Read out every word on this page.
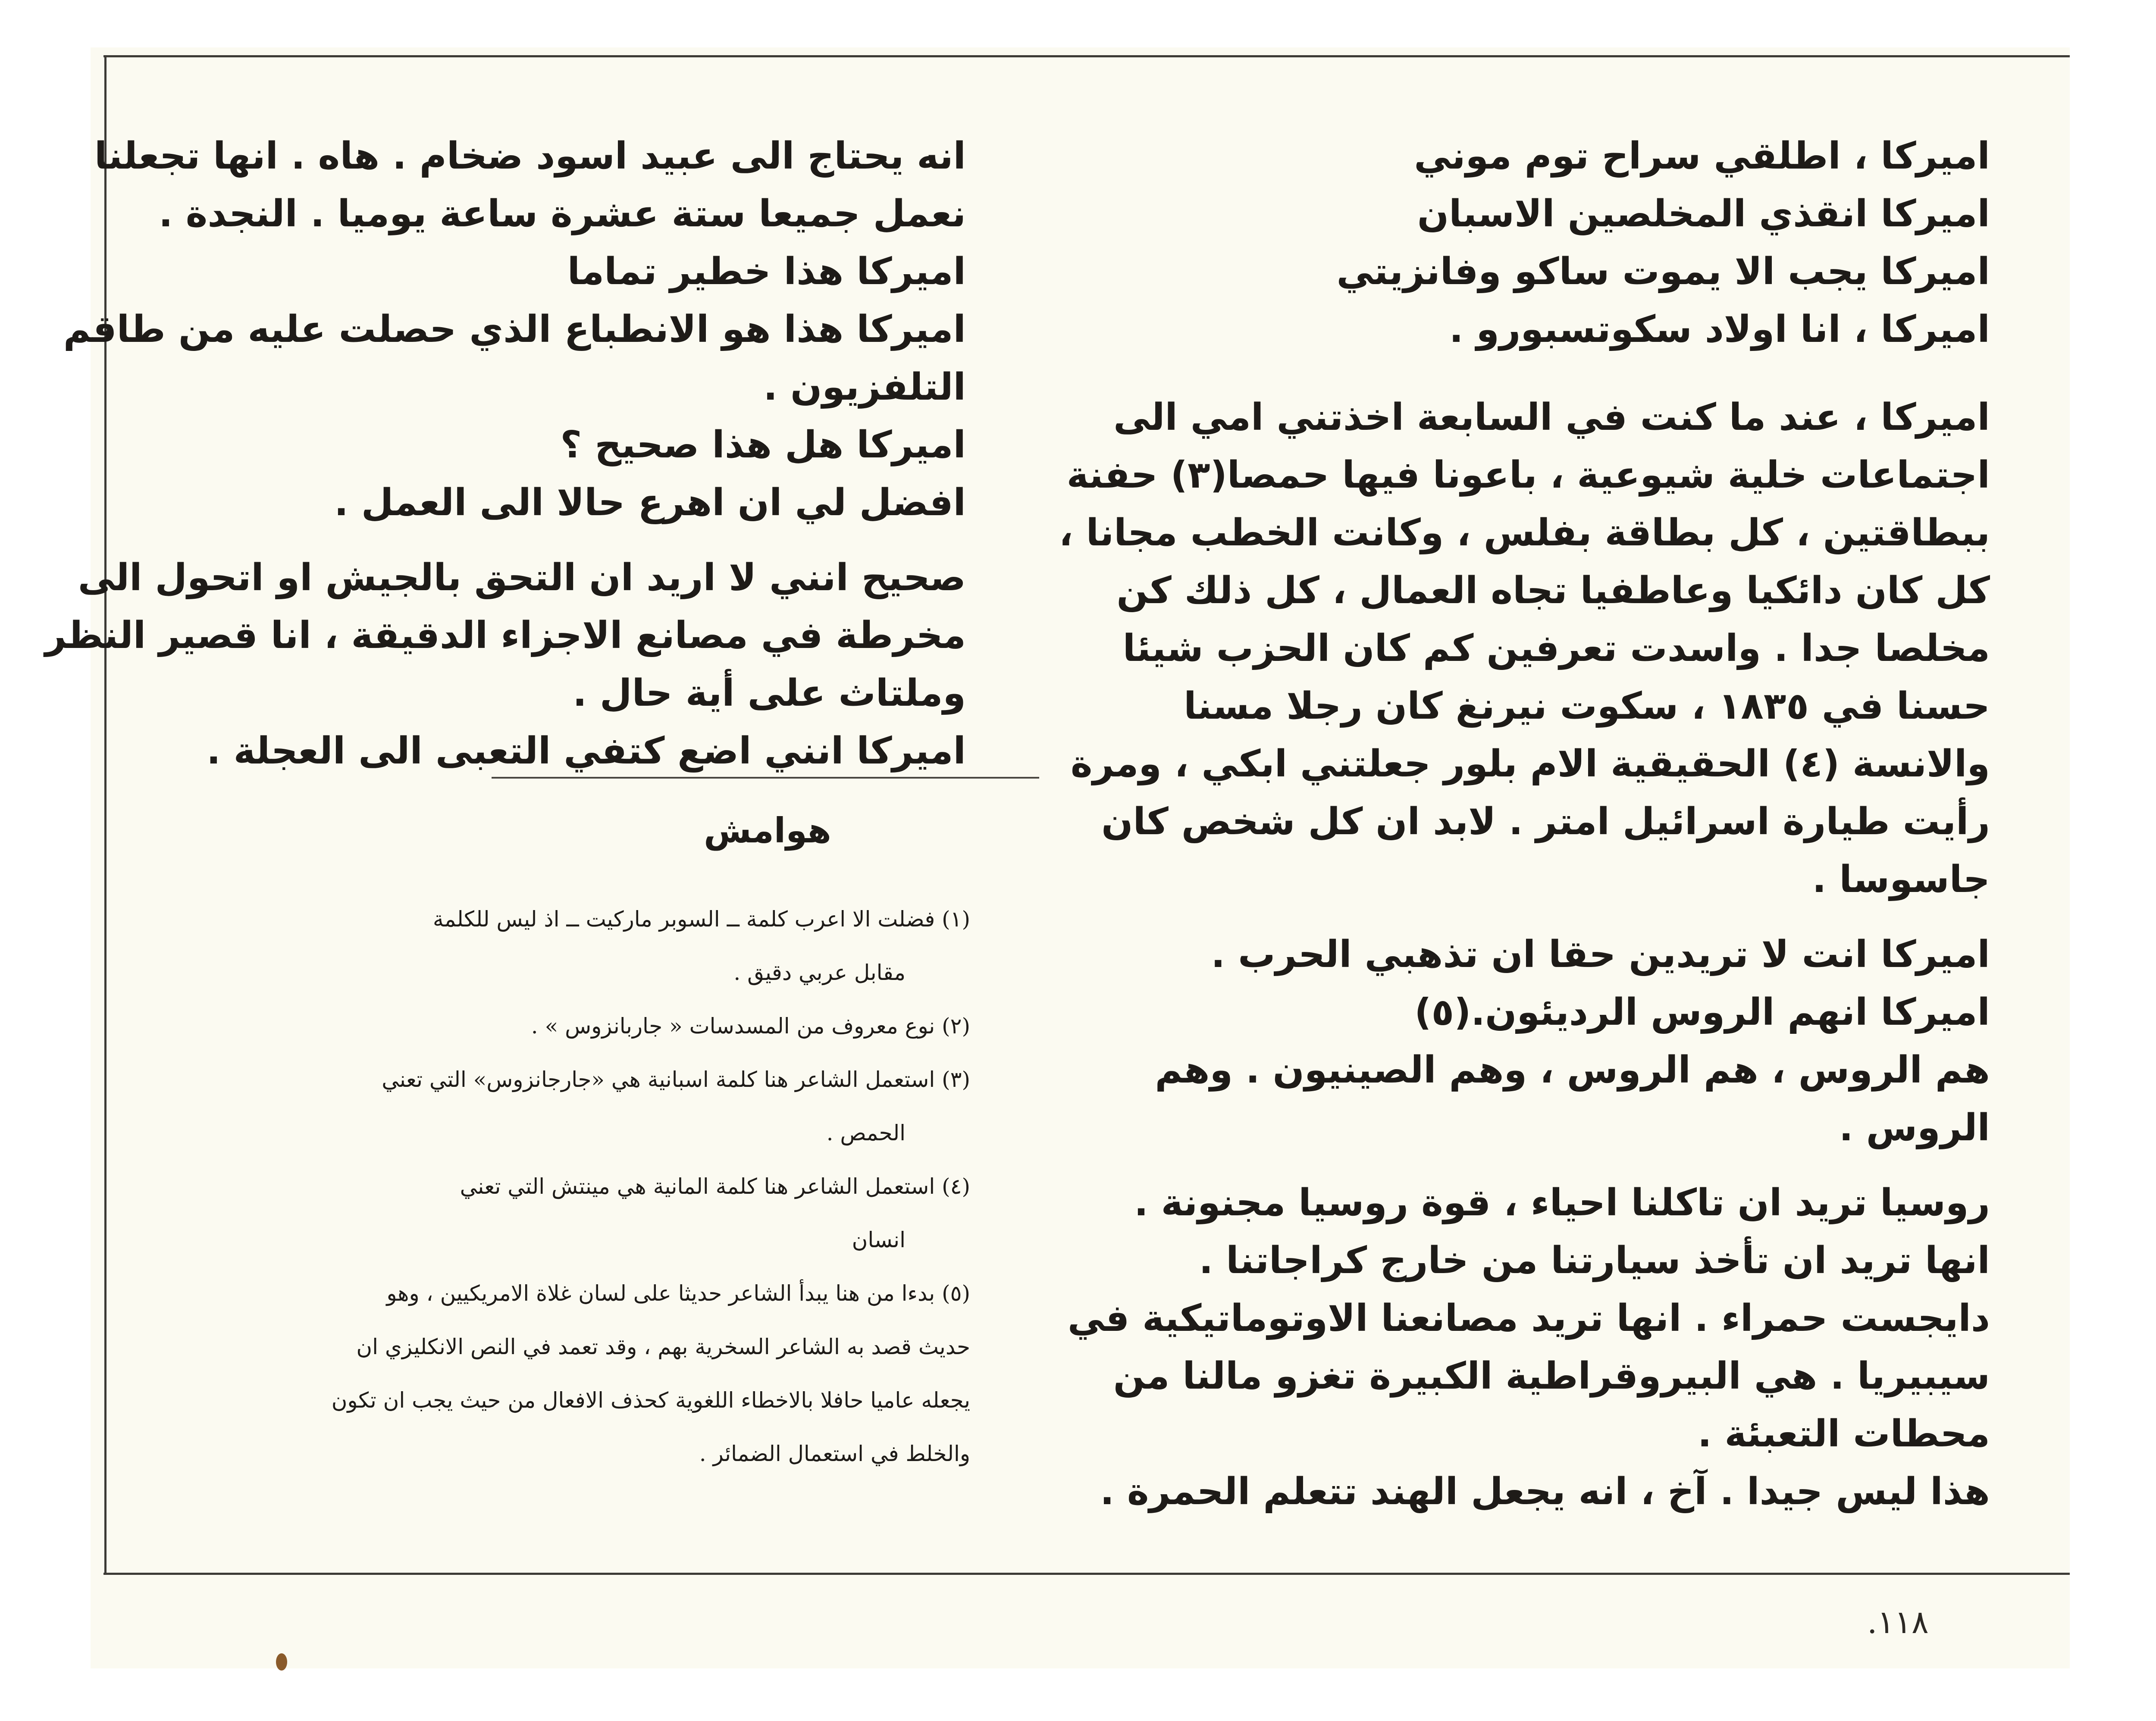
اميركا ، اطلقي سراح توم موني
اميركا انقذي المخلصين الاسبان
اميركا يجب الا يموت ساكو وفانزيتي
اميركا ، انا اولاد سكوتسبورو .
اميركا ، عند ما كنت في السابعة اخذتني امي الى
اجتماعات خلية شيوعية ، باعونا فيها حمصا(٣) حفنة
ببطاقتين ، كل بطاقة بفلس ، وكانت الخطب مجانا ،
كل كان دائكيا وعاطفيا تجاه العمال ، كل ذلك كن
مخلصا جدا . واسدت تعرفين كم كان الحزب شيئا
حسنا في ١٨٣٥ ، سكوت نيرنغ كان رجلا مسنا
والانسة (٤) الحقيقية الام بلور جعلتني ابكي ، ومرة
رأيت طيارة اسرائيل امتر . لابد ان كل شخص كان
جاسوسا .
اميركا انت لا تريدين حقا ان تذهبي الحرب .
اميركا انهم الروس الرديئون.(٥)
هم الروس ، هم الروس ، وهم الصينيون . وهم
الروس .
روسيا تريد ان تاكلنا احياء ، قوة روسيا مجنونة .
انها تريد ان تأخذ سيارتنا من خارج كراجاتنا .
دايجست حمراء . انها تريد مصانعنا الاوتوماتيكية في
سيبيريا . هي البيروقراطية الكبيرة تغزو مالنا من
محطات التعبئة .
هذا ليس جيدا . آخ ، انه يجعل الهند تتعلم الحمرة .
انه يحتاج الى عبيد اسود ضخام . هاه . انها تجعلنا
نعمل جميعا ستة عشرة ساعة يوميا . النجدة .
اميركا هذا خطير تماما
اميركا هذا هو الانطباع الذي حصلت عليه من طاقم
التلفزيون .
اميركا هل هذا صحيح ؟
افضل لي ان اهرع حالا الى العمل .
صحيح انني لا اريد ان التحق بالجيش او اتحول الى
مخرطة في مصانع الاجزاء الدقيقة ، انا قصير النظر
وملتاث على أية حال .
اميركا انني اضع كتفي التعبى الى العجلة .
هوامش
(١) فضلت الا اعرب كلمة ــ السوبر ماركيت ــ اذ ليس للكلمة
مقابل عربي دقيق .
(٢) نوع معروف من المسدسات « جاربانزوس » .
(٣) استعمل الشاعر هنا كلمة اسبانية هي «جارجانزوس» التي تعني
الحمص .
(٤) استعمل الشاعر هنا كلمة المانية هي مينتش التي تعني
انسان
(٥) بدءا من هنا يبدأ الشاعر حديثا على لسان غلاة الامريكيين ، وهو
حديث قصد به الشاعر السخرية بهم ، وقد تعمد في النص الانكليزي ان
يجعله عاميا حافلا بالاخطاء اللغوية كحذف الافعال من حيث يجب ان تكون
والخلط في استعمال الضمائر .
.١١٨
